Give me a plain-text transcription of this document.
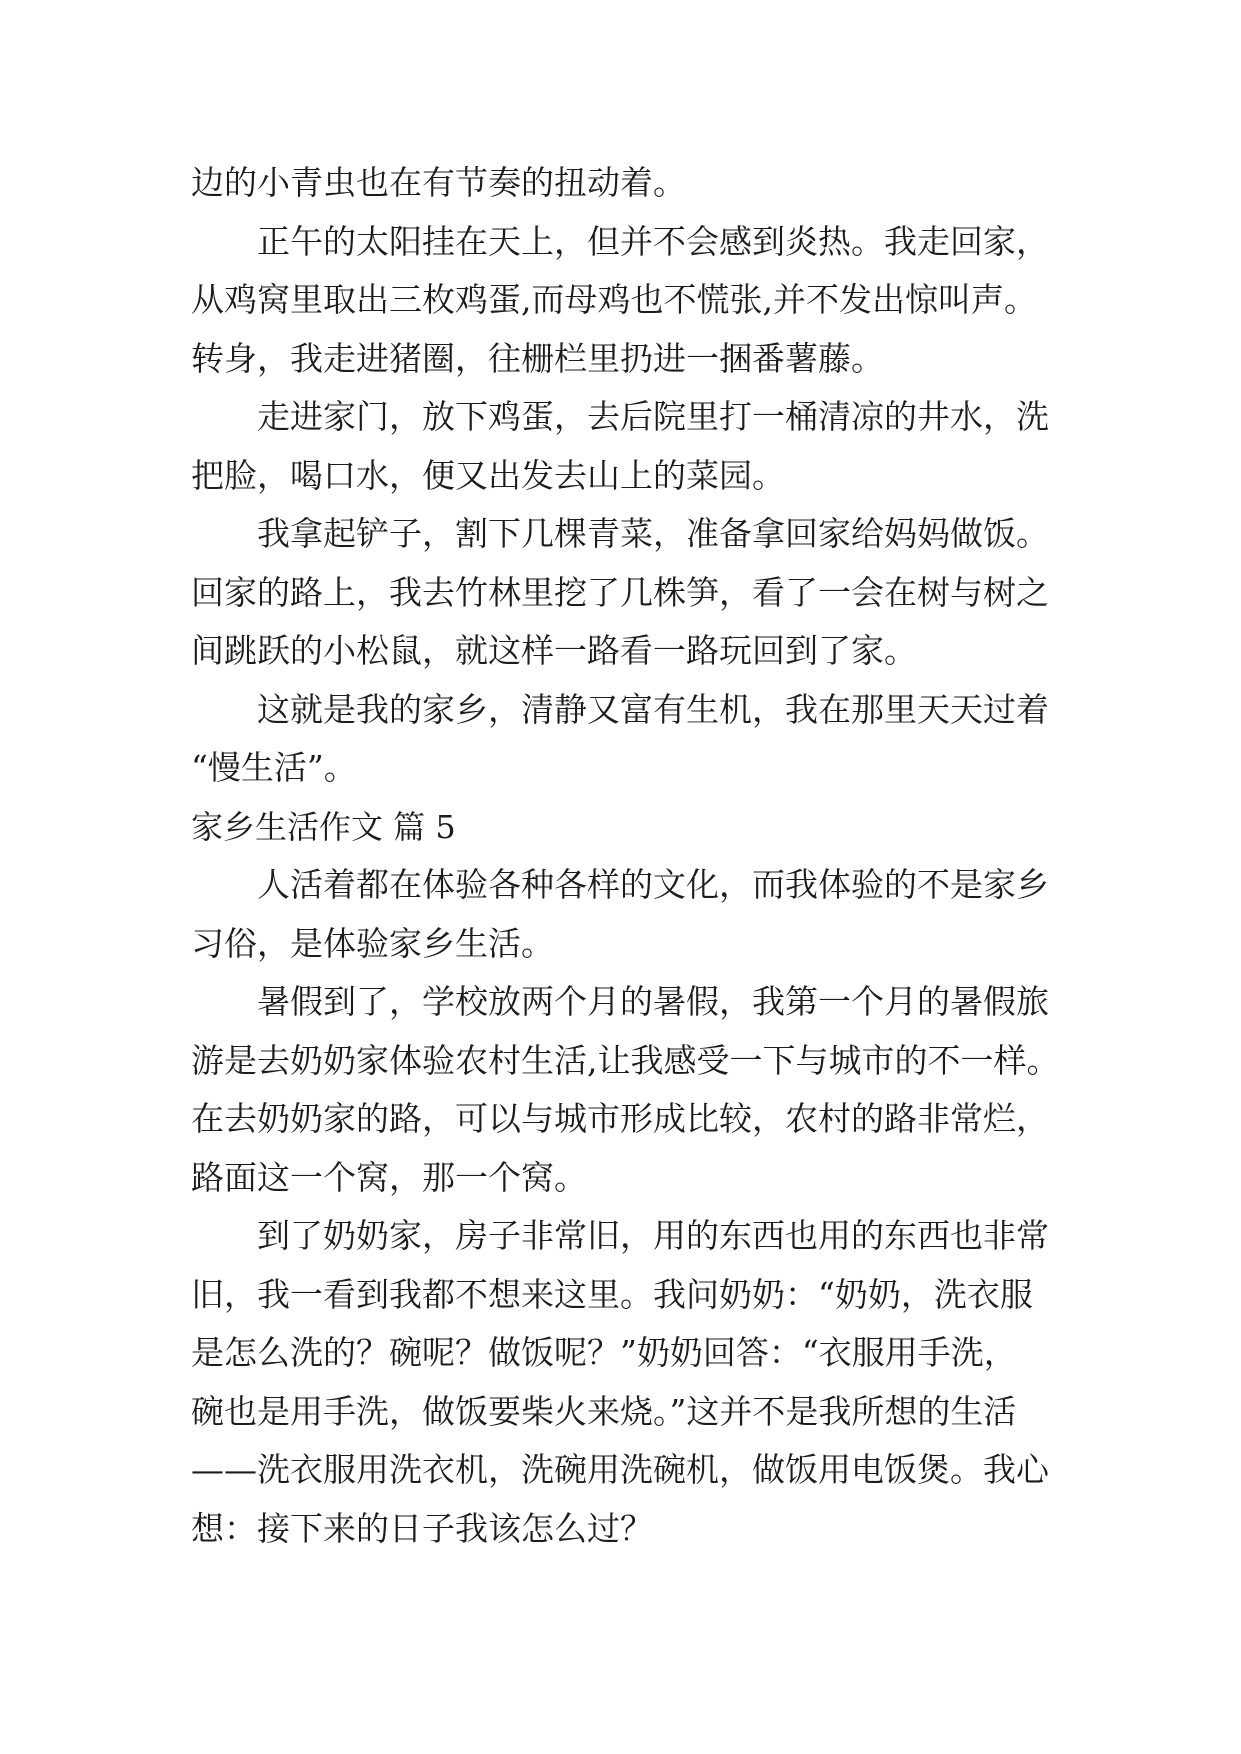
边的小青虫也在有节奏的扭动着。
正午的太阳挂在天上，但并不会感到炎热。我走回家，
从鸡窝里取出三枚鸡蛋,而母鸡也不慌张,并不发出惊叫声。
转身，我走进猪圈，往栅栏里扔进一捆番薯藤。
走进家门，放下鸡蛋，去后院里打一桶清凉的井水，洗
把脸，喝口水，便又出发去山上的菜园。
我拿起铲子，割下几棵青菜，准备拿回家给妈妈做饭。
回家的路上，我去竹林里挖了几株笋，看了一会在树与树之
间跳跃的小松鼠，就这样一路看一路玩回到了家。
这就是我的家乡，清静又富有生机，我在那里天天过着
“慢生活”。
家乡生活作文 篇 5
人活着都在体验各种各样的文化，而我体验的不是家乡
习俗，是体验家乡生活。
暑假到了，学校放两个月的暑假，我第一个月的暑假旅
游是去奶奶家体验农村生活,让我感受一下与城市的不一样。
在去奶奶家的路，可以与城市形成比较，农村的路非常烂，
路面这一个窝，那一个窝。
到了奶奶家，房子非常旧，用的东西也用的东西也非常
旧，我一看到我都不想来这里。我问奶奶：“奶奶，洗衣服
是怎么洗的？碗呢？做饭呢？”奶奶回答：“衣服用手洗，
碗也是用手洗，做饭要柴火来烧。”这并不是我所想的生活
——洗衣服用洗衣机，洗碗用洗碗机，做饭用电饭煲。我心
想：接下来的日子我该怎么过？
